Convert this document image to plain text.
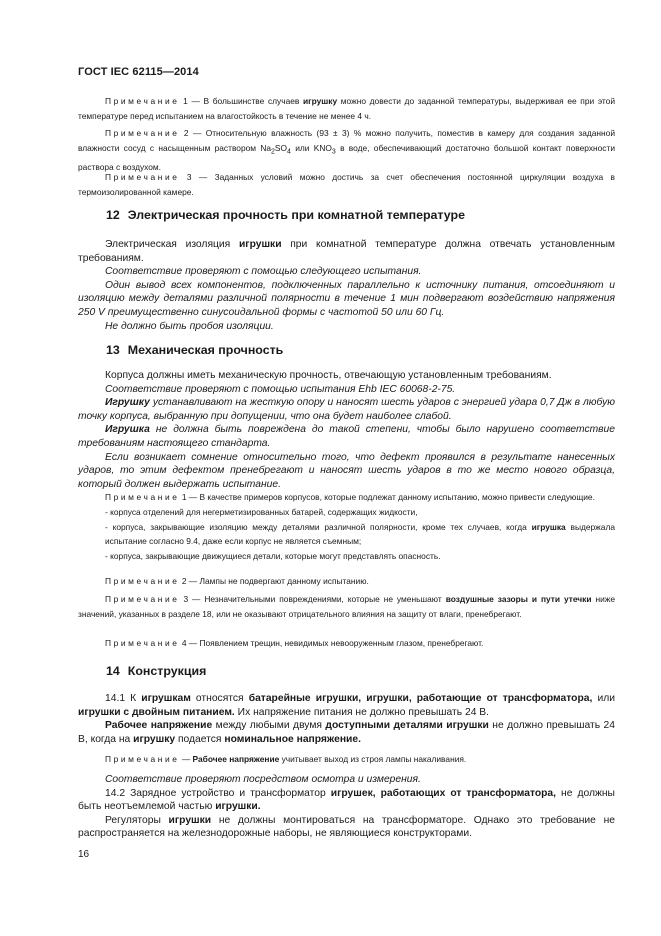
ГОСТ IEC 62115—2014

Примечание 1 — В большинстве случаев игрушку можно довести до заданной температуры, выдерживая ее при этой температуре перед испытанием на влагостойкость в течение не менее 4 ч.

Примечание 2 — Относительную влажность (93 ± 3) % можно получить, поместив в камеру для создания заданной влажности сосуд с насыщенным раствором $Na_2SO_4$ или $KNO_3$ в воде, обеспечивающий достаточно большой контакт поверхности раствора с воздухом.

Примечание 3 — Заданных условий можно достичь за счет обеспечения постоянной циркуляции воздуха в термоизолированной камере.

12 Электрическая прочность при комнатной температуре

Электрическая изоляция игрушки при комнатной температуре должна отвечать установленным требованиям.

Соответствие проверяют с помощью следующего испытания.

Один вывод всех компонентов, подключенных параллельно к источнику питания, отсоединяют и изоляцию между деталями различной полярности в течение 1 мин подвергают воздействию напряжения 250 V преимущественно синусоидальной формы с частотой 50 или 60 Гц.

Не должно быть пробоя изоляции.

13 Механическая прочность

Корпуса должны иметь механическую прочность, отвечающую установленным требованиям.

Соответствие проверяют с помощью испытания Ehb IEC 60068-2-75.

Игрушку устанавливают на жесткую опору и наносят шесть ударов с энергией удара 0,7 Дж в любую точку корпуса, выбранную при допущении, что она будет наиболее слабой.

Игрушка не должна быть повреждена до такой степени, чтобы было нарушено соответствие требованиям настоящего стандарта.

Если возникает сомнение относительно того, что дефект проявился в результате нанесенных ударов, то этим дефектом пренебрегают и наносят шесть ударов в то же место нового образца, который должен выдержать испытание.

Примечание 1 — В качестве примеров корпусов, которые подлежат данному испытанию, можно привести следующие.

- корпуса отделений для негерметизированных батарей, содержащих жидкости,

- корпуса, закрывающие изоляцию между деталями различной полярности, кроме тех случаев, когда игрушка выдержала испытание согласно 9.4, даже если корпус не является съемным;

- корпуса, закрывающие движущиеся детали, которые могут представлять опасность.

Примечание 2 — Лампы не подвергают данному испытанию.

Примечание 3 — Незначительными повреждениями, которые не уменьшают воздушные зазоры и пути утечки ниже значений, указанных в разделе 18, или не оказывают отрицательного влияния на защиту от влаги, пренебрегают.

Примечание 4 — Появлением трещин, невидимых невооруженным глазом, пренебрегают.

14 Конструкция

14.1 К игрушкам относятся батарейные игрушки, игрушки, работающие от трансформатора, или игрушки с двойным питанием. Их напряжение питания не должно превышать 24 В.

Рабочее напряжение между любыми двумя доступными деталями игрушки не должно превышать 24 В, когда на игрушку подается номинальное напряжение.

Примечание — Рабочее напряжение учитывает выход из строя лампы накаливания.

Соответствие проверяют посредством осмотра и измерения.

14.2 Зарядное устройство и трансформатор игрушек, работающих от трансформатора, не должны быть неотъемлемой частью игрушки.

Регуляторы игрушки не должны монтироваться на трансформаторе. Однако это требование не распространяется на железнодорожные наборы, не являющиеся конструкторами.

16
